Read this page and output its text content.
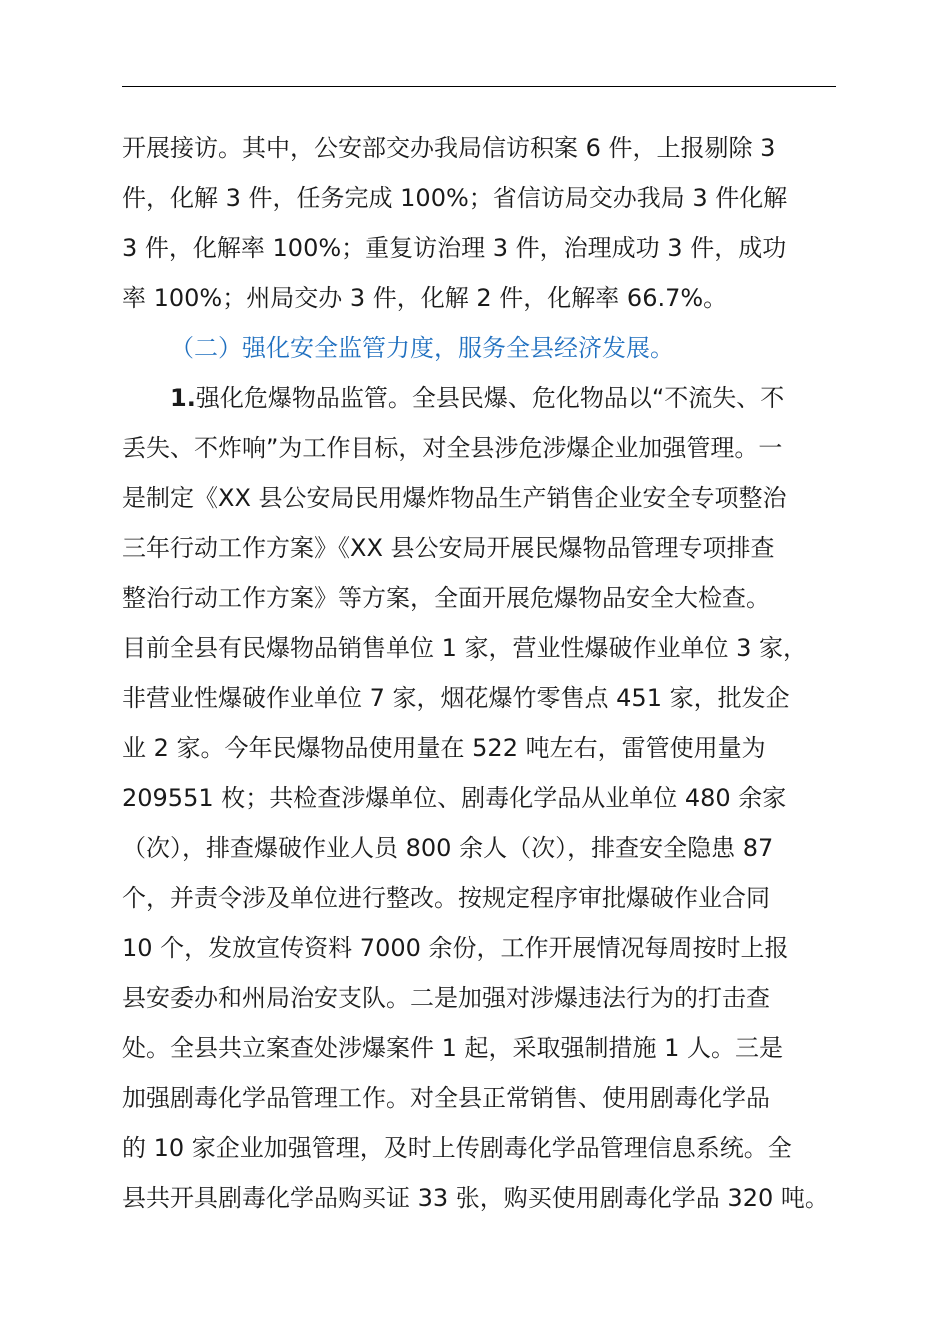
开展接访。其中，公安部交办我局信访积案 6 件，上报剔除 3
件，化解 3 件，任务完成 100%；省信访局交办我局 3 件化解
3 件，化解率 100%；重复访治理 3 件，治理成功 3 件，成功
率 100%；州局交办 3 件，化解 2 件，化解率 66.7%。
（二）强化安全监管力度，服务全县经济发展。
1.强化危爆物品监管。全县民爆、危化物品以“不流失、不
丢失、不炸响”为工作目标，对全县涉危涉爆企业加强管理。一
是制定《XX 县公安局民用爆炸物品生产销售企业安全专项整治
三年行动工作方案》《XX 县公安局开展民爆物品管理专项排查
整治行动工作方案》等方案，全面开展危爆物品安全大检查。
目前全县有民爆物品销售单位 1 家，营业性爆破作业单位 3 家，
非营业性爆破作业单位 7 家，烟花爆竹零售点 451 家，批发企
业 2 家。今年民爆物品使用量在 522 吨左右，雷管使用量为
209551 枚；共检查涉爆单位、剧毒化学品从业单位 480 余家
（次），排查爆破作业人员 800 余人（次），排查安全隐患 87
个，并责令涉及单位进行整改。按规定程序审批爆破作业合同
10 个，发放宣传资料 7000 余份，工作开展情况每周按时上报
县安委办和州局治安支队。二是加强对涉爆违法行为的打击查
处。全县共立案查处涉爆案件 1 起，采取强制措施 1 人。三是
加强剧毒化学品管理工作。对全县正常销售、使用剧毒化学品
的 10 家企业加强管理，及时上传剧毒化学品管理信息系统。全
县共开具剧毒化学品购买证 33 张，购买使用剧毒化学品 320 吨。
